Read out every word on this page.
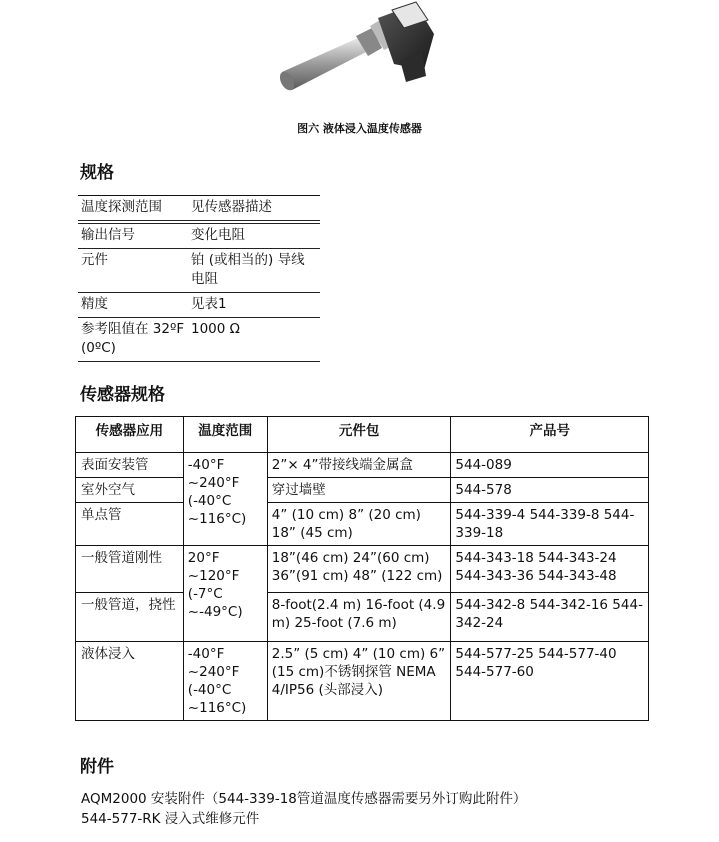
图六 液体浸入温度传感器
规格
温度探测范围	见传感器描述

输出信号	变化电阻
元件	铂 (或相当的) 导线电阻
精度	见表1
参考阻值在 32ºF (0ºC)	1000 Ω
传感器规格
传感器应用	温度范围	元件包	产品号
表面安装管	-40°F ~240°F (-40°C ~116°C)	2”× 4”带接线端金属盒	544-089
室外空气		穿过墙壁	544-578
单点管		4” (10 cm) 8” (20 cm) 18” (45 cm)	544-339-4 544-339-8 544-339-18
一般管道刚性	20°F ~120°F (-7°C ~-49°C)	18”(46 cm) 24”(60 cm) 36”(91 cm) 48” (122 cm)	544-343-18 544-343-24 544-343-36 544-343-48
一般管道，挠性		8-foot(2.4 m) 16-foot (4.9 m) 25-foot (7.6 m)	544-342-8 544-342-16 544-342-24
液体浸入	-40°F ~240°F (-40°C ~116°C)	2.5” (5 cm) 4” (10 cm) 6” (15 cm)不锈钢探管 NEMA 4/IP56 (头部浸入)	544-577-25 544-577-40 544-577-60
附件
AQM2000 安装附件（544-339-18管道温度传感器需要另外订购此附件）
544-577-RK 浸入式维修元件
